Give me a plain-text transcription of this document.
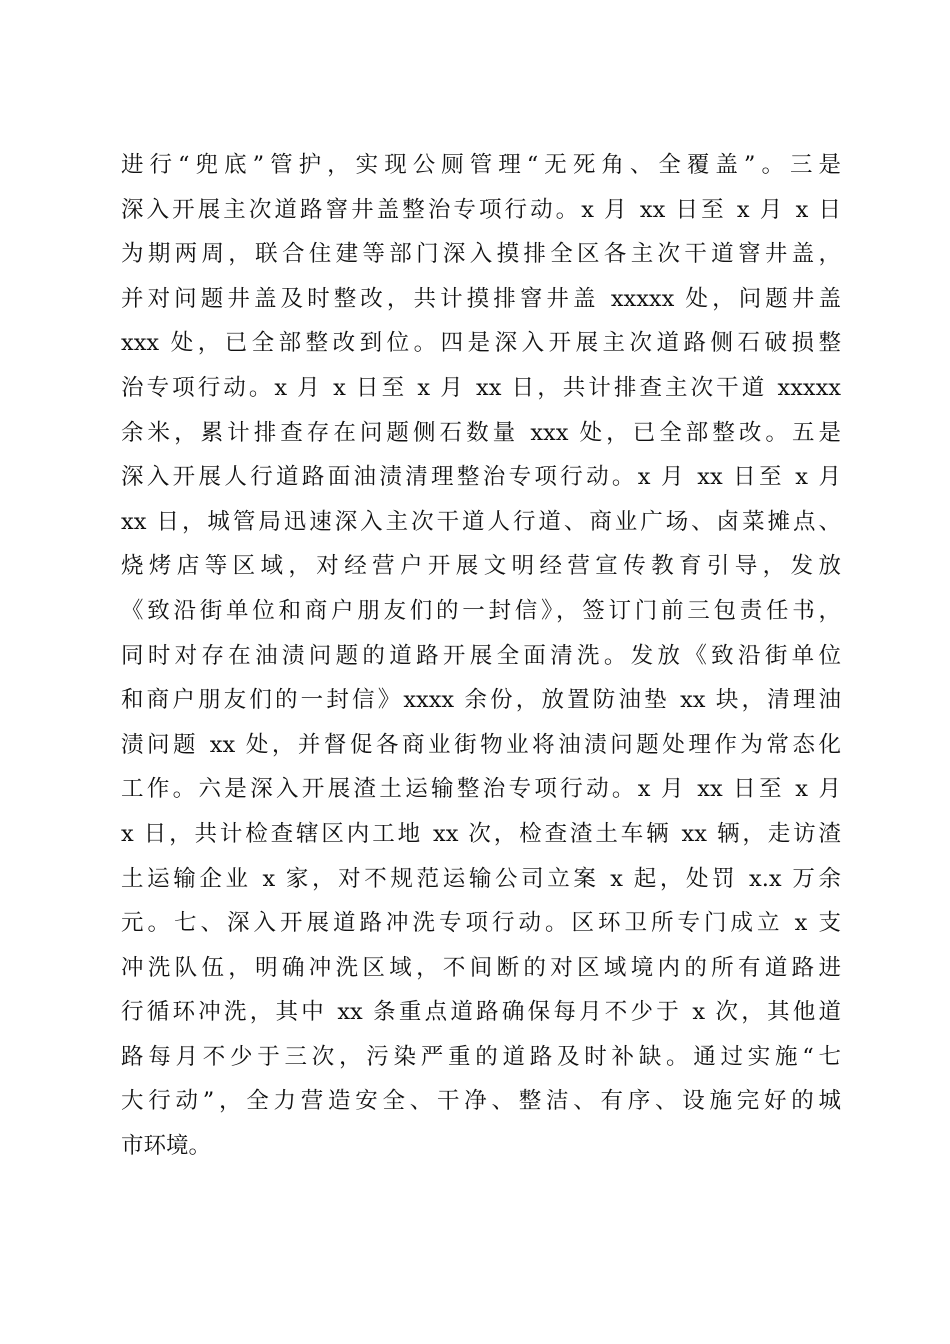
进行“兜底”管护，实现公厕管理“无死角、全覆盖”。三是
深入开展主次道路窨井盖整治专项行动。x 月 xx 日至 x 月 x 日
为期两周，联合住建等部门深入摸排全区各主次干道窨井盖，
并对问题井盖及时整改，共计摸排窨井盖 xxxxx 处，问题井盖
xxx 处，已全部整改到位。四是深入开展主次道路侧石破损整
治专项行动。x 月 x 日至 x 月 xx 日，共计排查主次干道 xxxxx
余米，累计排查存在问题侧石数量 xxx 处，已全部整改。五是
深入开展人行道路面油渍清理整治专项行动。x 月 xx 日至 x 月
xx 日，城管局迅速深入主次干道人行道、商业广场、卤菜摊点、
烧烤店等区域，对经营户开展文明经营宣传教育引导，发放
《致沿街单位和商户朋友们的一封信》，签订门前三包责任书，
同时对存在油渍问题的道路开展全面清洗。发放《致沿街单位
和商户朋友们的一封信》xxxx 余份，放置防油垫 xx 块，清理油
渍问题 xx 处，并督促各商业街物业将油渍问题处理作为常态化
工作。六是深入开展渣土运输整治专项行动。x 月 xx 日至 x 月
x 日，共计检查辖区内工地 xx 次，检查渣土车辆 xx 辆，走访渣
土运输企业 x 家，对不规范运输公司立案 x 起，处罚 x.x 万余
元。七、深入开展道路冲洗专项行动。区环卫所专门成立 x 支
冲洗队伍，明确冲洗区域，不间断的对区域境内的所有道路进
行循环冲洗，其中 xx 条重点道路确保每月不少于 x 次，其他道
路每月不少于三次，污染严重的道路及时补缺。通过实施“七
大行动”，全力营造安全、干净、整洁、有序、设施完好的城
市环境。
